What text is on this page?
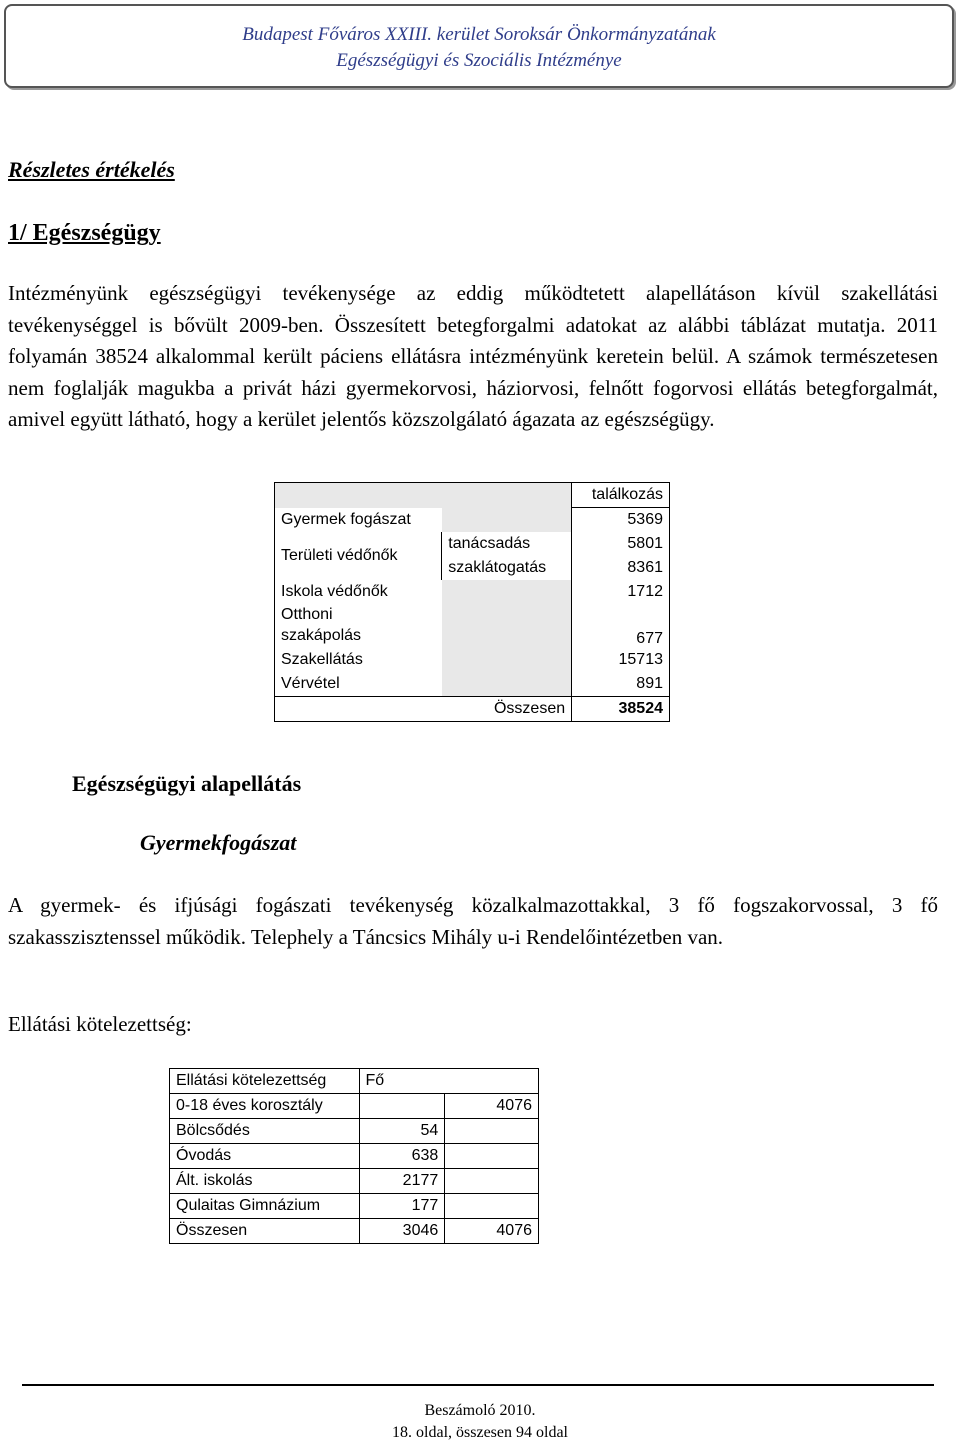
Budapest Főváros XXIII. kerület Soroksár Önkormányzatának
Egészségügyi és Szociális Intézménye
Részletes értékelés
1/ Egészségügy
Intézményünk egészségügyi tevékenysége az eddig működtetett alapellátáson kívül szakellátási tevékenységgel is bővült 2009-ben. Összesített betegforgalmi adatokat az alábbi táblázat mutatja. 2011 folyamán 38524 alkalommal került páciens ellátásra intézményünk keretein belül. A számok természetesen nem foglalják magukba a privát házi gyermekorvosi, háziorvosi, felnőtt fogorvosi ellátás betegforgalmát, amivel együtt látható, hogy a kerület jelentős közszolgálató ágazata az egészségügy.
		találkozás
Gyermek fogászat		5369
Területi védőnők	tanácsadás	5801
	szaklátogatás	8361
Iskola védőnők		1712
Otthoni		677
szakápolás		
Szakellátás		15713
Vérvétel		891
Összesen		38524
Egészségügyi alapellátás
Gyermekfogászat
A gyermek- és ifjúsági fogászati tevékenység közalkalmazottakkal, 3 fő fogszakorvossal, 3 fő szakasszisztenssel működik. Telephely a Táncsics Mihály u-i Rendelőintézetben van.
Ellátási kötelezettség:
Ellátási kötelezettség	Fő	
0-18 éves korosztály		4076
Bölcsődés	54	
Óvodás	638	
Ált. iskolás	2177	
Qulaitas Gimnázium	177	
Összesen	3046	4076
Beszámoló 2010.
18. oldal, összesen 94 oldal
